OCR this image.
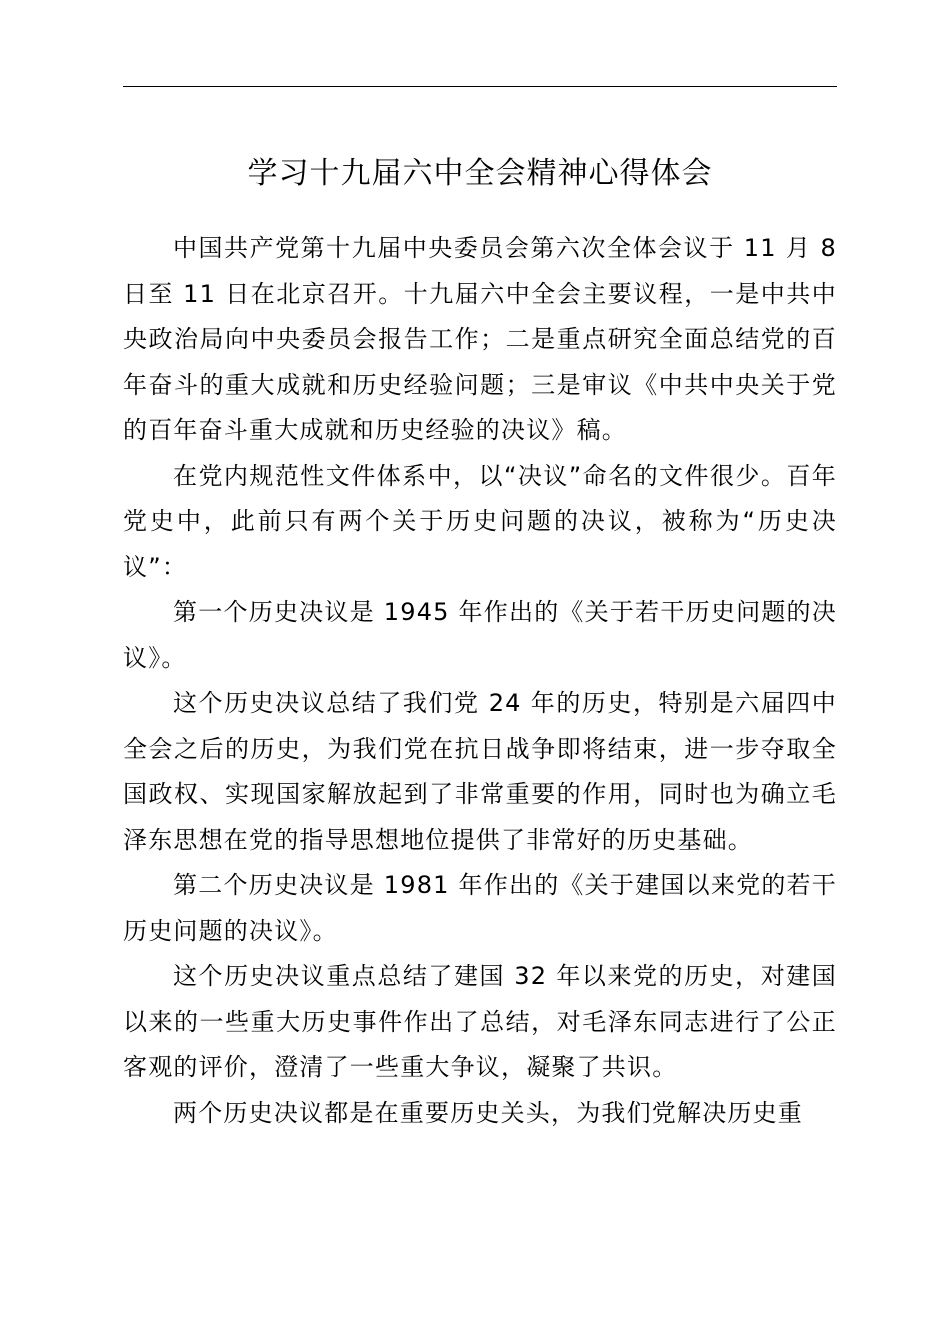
学习十九届六中全会精神心得体会

中国共产党第十九届中央委员会第六次全体会议于 11 月 8 日至 11 日在北京召开。十九届六中全会主要议程，一是中共中央政治局向中央委员会报告工作；二是重点研究全面总结党的百年奋斗的重大成就和历史经验问题；三是审议《中共中央关于党的百年奋斗重大成就和历史经验的决议》稿。

在党内规范性文件体系中，以“决议”命名的文件很少。百年党史中，此前只有两个关于历史问题的决议，被称为“历史决议”：

第一个历史决议是 1945 年作出的《关于若干历史问题的决议》。

这个历史决议总结了我们党 24 年的历史，特别是六届四中全会之后的历史，为我们党在抗日战争即将结束，进一步夺取全国政权、实现国家解放起到了非常重要的作用，同时也为确立毛泽东思想在党的指导思想地位提供了非常好的历史基础。

第二个历史决议是 1981 年作出的《关于建国以来党的若干历史问题的决议》。

这个历史决议重点总结了建国 32 年以来党的历史，对建国以来的一些重大历史事件作出了总结，对毛泽东同志进行了公正客观的评价，澄清了一些重大争议，凝聚了共识。

两个历史决议都是在重要历史关头，为我们党解决历史重
